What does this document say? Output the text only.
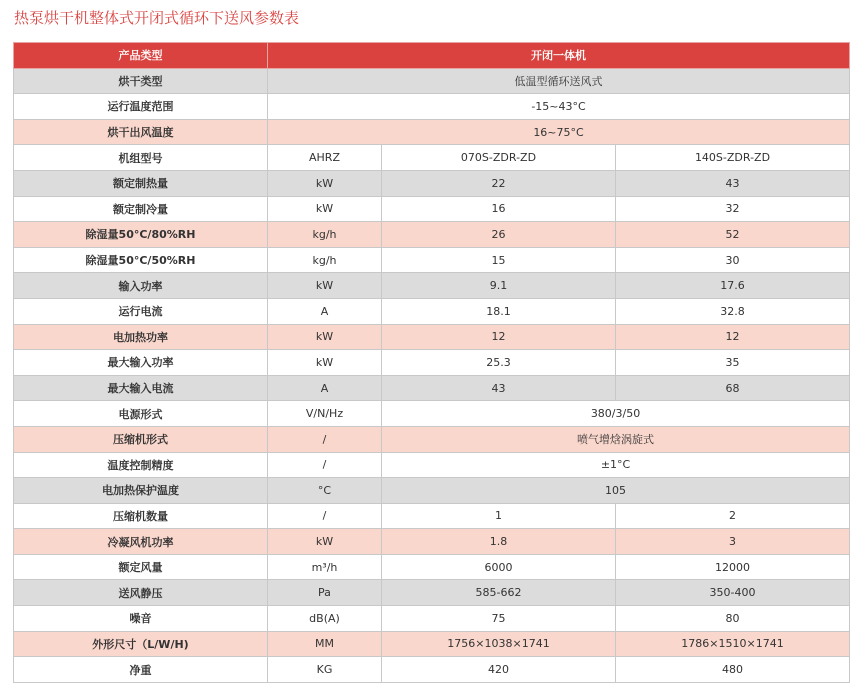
热泵烘干机整体式开闭式循环下送风参数表
产品类型	开闭一体机		
烘干类型	低温型循环送风式		
运行温度范围	-15~43°C		
烘干出风温度	16~75°C		
机组型号	AHRZ	070S-ZDR-ZD	140S-ZDR-ZD
额定制热量	kW	22	43
额定制冷量	kW	16	32
除湿量50°C/80%RH	kg/h	26	52
除湿量50°C/50%RH	kg/h	15	30
输入功率	kW	9.1	17.6
运行电流	A	18.1	32.8
电加热功率	kW	12	12
最大输入功率	kW	25.3	35
最大输入电流	A	43	68
电源形式	V/N/Hz	380/3/50	
压缩机形式	/	喷气增焓涡旋式	
温度控制精度	/	±1°C	
电加热保护温度	°C	105	
压缩机数量	/	1	2
冷凝风机功率	kW	1.8	3
额定风量	m³/h	6000	12000
送风静压	Pa	585-662	350-400
噪音	dB(A)	75	80
外形尺寸（L/W/H)	MM	1756×1038×1741	1786×1510×1741
净重	KG	420	480
